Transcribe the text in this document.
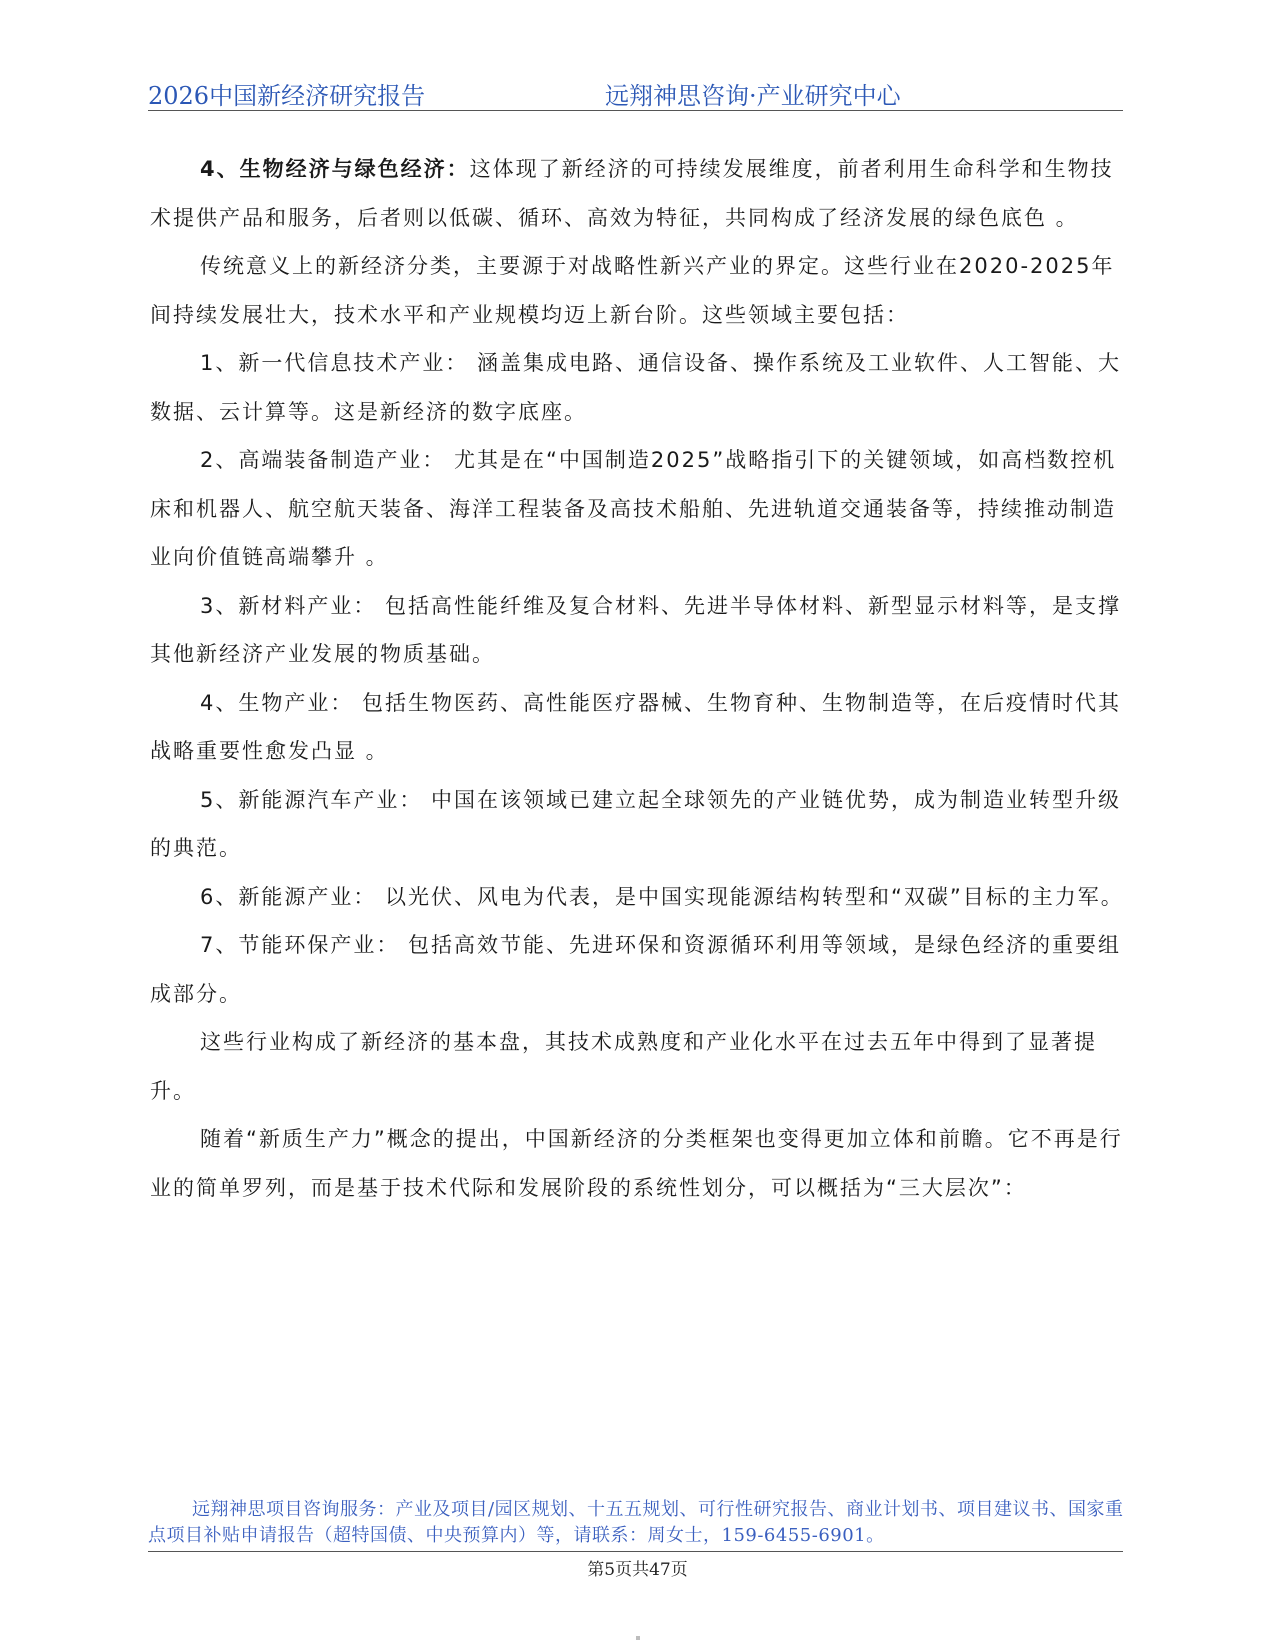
2026中国新经济研究报告	远翔神思咨询·产业研究中心

4、生物经济与绿色经济：这体现了新经济的可持续发展维度，前者利用生命科学和生物技术提供产品和服务，后者则以低碳、循环、高效为特征，共同构成了经济发展的绿色底色 。

传统意义上的新经济分类，主要源于对战略性新兴产业的界定。这些行业在2020-2025年间持续发展壮大，技术水平和产业规模均迈上新台阶。这些领域主要包括：

1、新一代信息技术产业： 涵盖集成电路、通信设备、操作系统及工业软件、人工智能、大数据、云计算等。这是新经济的数字底座。

2、高端装备制造产业： 尤其是在“中国制造2025”战略指引下的关键领域，如高档数控机床和机器人、航空航天装备、海洋工程装备及高技术船舶、先进轨道交通装备等，持续推动制造业向价值链高端攀升 。

3、新材料产业： 包括高性能纤维及复合材料、先进半导体材料、新型显示材料等，是支撑其他新经济产业发展的物质基础。

4、生物产业： 包括生物医药、高性能医疗器械、生物育种、生物制造等，在后疫情时代其战略重要性愈发凸显 。

5、新能源汽车产业： 中国在该领域已建立起全球领先的产业链优势，成为制造业转型升级的典范。

6、新能源产业： 以光伏、风电为代表，是中国实现能源结构转型和“双碳”目标的主力军。

7、节能环保产业： 包括高效节能、先进环保和资源循环利用等领域，是绿色经济的重要组成部分。

这些行业构成了新经济的基本盘，其技术成熟度和产业化水平在过去五年中得到了显著提升。

随着“新质生产力”概念的提出，中国新经济的分类框架也变得更加立体和前瞻。它不再是行业的简单罗列，而是基于技术代际和发展阶段的系统性划分，可以概括为“三大层次”：

远翔神思项目咨询服务：产业及项目/园区规划、十五五规划、可行性研究报告、商业计划书、项目建议书、国家重点项目补贴申请报告（超特国债、中央预算内）等，请联系：周女士，159-6455-6901。
第5页共47页
